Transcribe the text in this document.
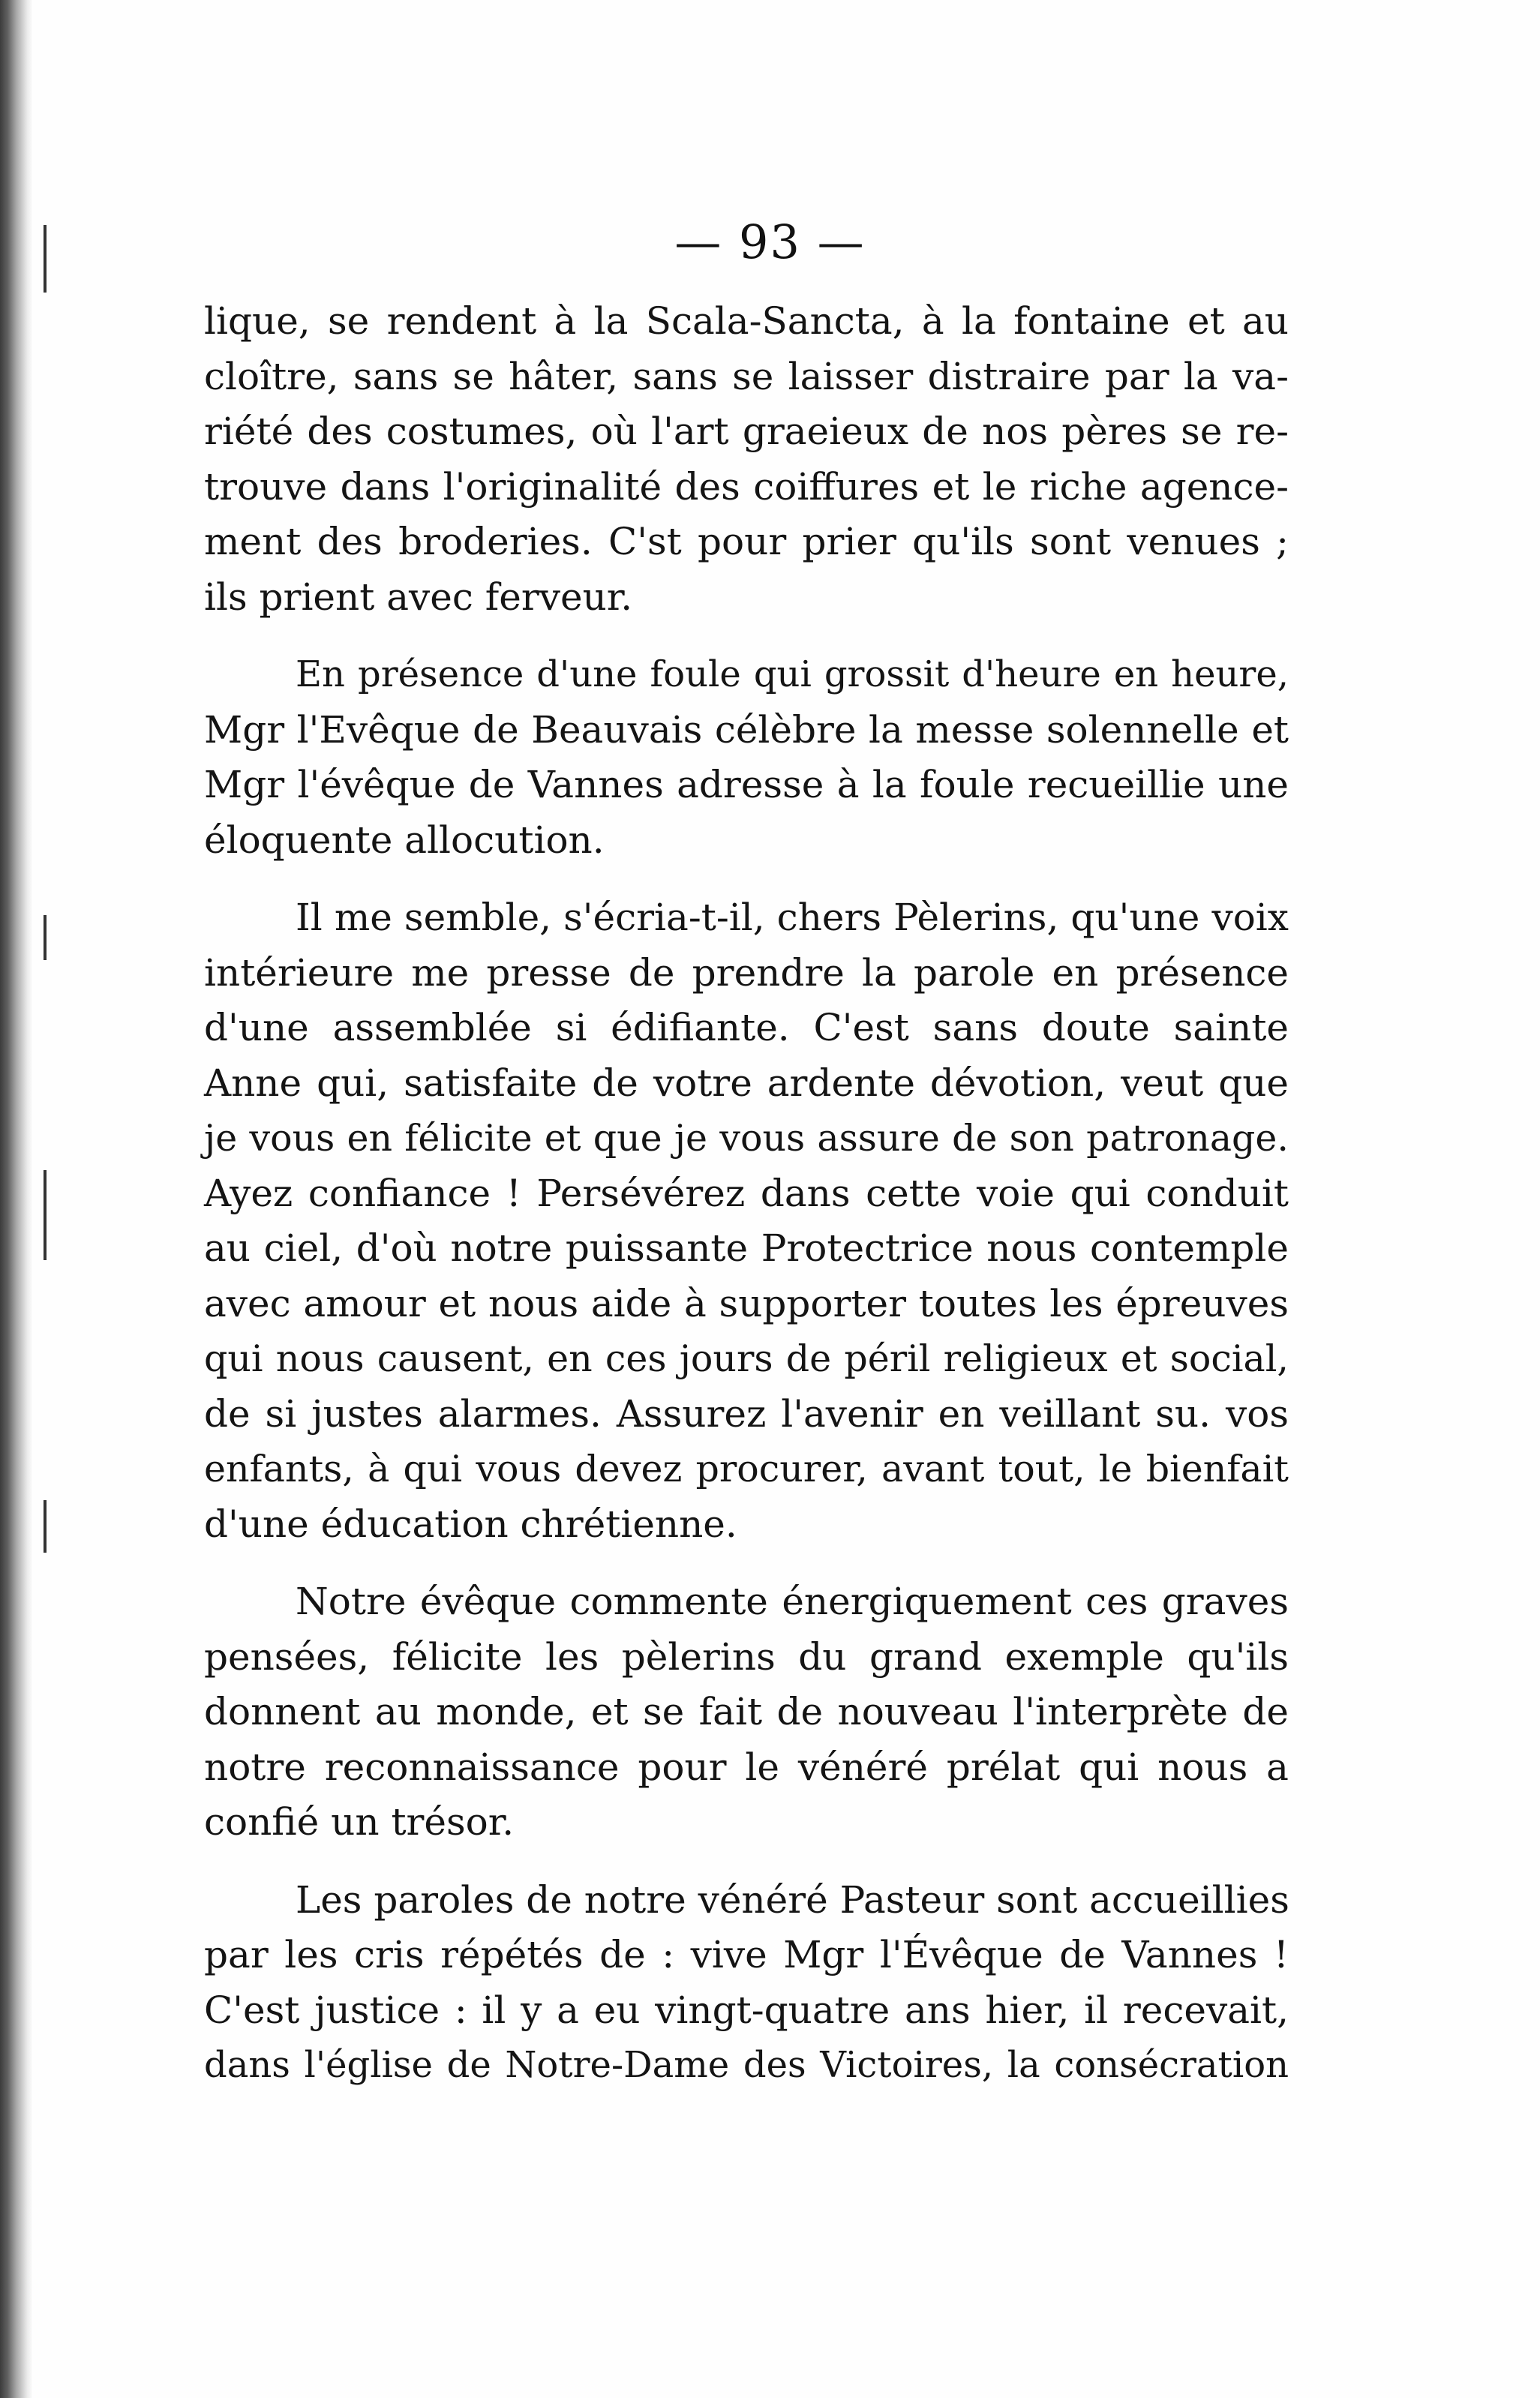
— 93 —
lique, se rendent à la Scala-Sancta, à la fontaine et au
cloître, sans se hâter, sans se laisser distraire par la va-
riété des costumes, où l'art graeieux de nos pères se re-
trouve dans l'originalité des coiffures et le riche agence-
ment des broderies. C'st pour prier qu'ils sont venues ;
ils prient avec ferveur.
En présence d'une foule qui grossit d'heure en heure,
Mgr l'Evêque de Beauvais célèbre la messe solennelle et
Mgr l'évêque de Vannes adresse à la foule recueillie une
éloquente allocution.
Il me semble, s'écria-t-il, chers Pèlerins, qu'une voix
intérieure me presse de prendre la parole en présence
d'une assemblée si édifiante. C'est sans doute sainte
Anne qui, satisfaite de votre ardente dévotion, veut que
je vous en félicite et que je vous assure de son patronage.
Ayez confiance ! Persévérez dans cette voie qui conduit
au ciel, d'où notre puissante Protectrice nous contemple
avec amour et nous aide à supporter toutes les épreuves
qui nous causent, en ces jours de péril religieux et social,
de si justes alarmes. Assurez l'avenir en veillant su. vos
enfants, à qui vous devez procurer, avant tout, le bienfait
d'une éducation chrétienne.
Notre évêque commente énergiquement ces graves
pensées, félicite les pèlerins du grand exemple qu'ils
donnent au monde, et se fait de nouveau l'interprète de
notre reconnaissance pour le vénéré prélat qui nous a
confié un trésor.
Les paroles de notre vénéré Pasteur sont accueillies
par les cris répétés de : vive Mgr l'Évêque de Vannes !
C'est justice : il y a eu vingt-quatre ans hier, il recevait,
dans l'église de Notre-Dame des Victoires, la consécration
